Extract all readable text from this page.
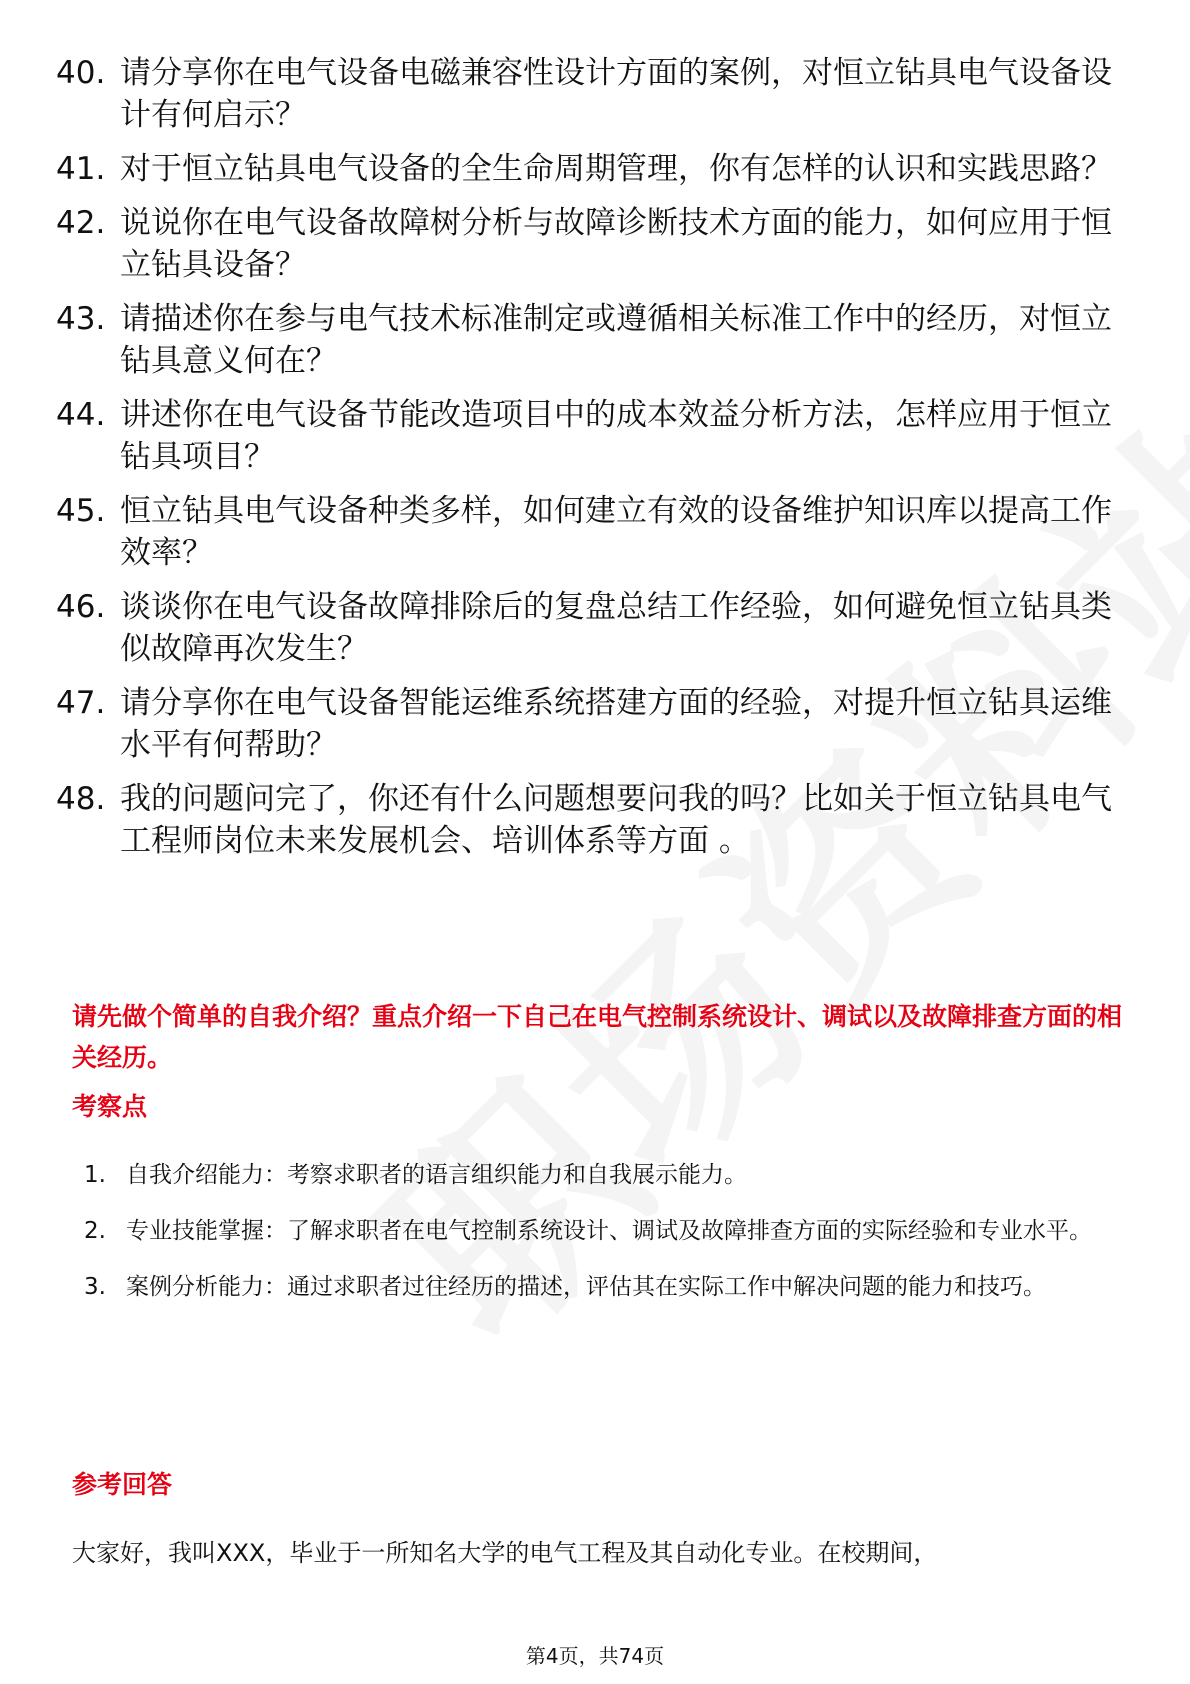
40. 请分享你在电气设备电磁兼容性设计方面的案例，对恒立钻具电气设备设计有何启示？
41. 对于恒立钻具电气设备的全生命周期管理，你有怎样的认识和实践思路？
42. 说说你在电气设备故障树分析与故障诊断技术方面的能力，如何应用于恒立钻具设备？
43. 请描述你在参与电气技术标准制定或遵循相关标准工作中的经历，对恒立钻具意义何在？
44. 讲述你在电气设备节能改造项目中的成本效益分析方法，怎样应用于恒立钻具项目？
45. 恒立钻具电气设备种类多样，如何建立有效的设备维护知识库以提高工作效率？
46. 谈谈你在电气设备故障排除后的复盘总结工作经验，如何避免恒立钻具类似故障再次发生？
47. 请分享你在电气设备智能运维系统搭建方面的经验，对提升恒立钻具运维水平有何帮助？
48. 我的问题问完了，你还有什么问题想要问我的吗？比如关于恒立钻具电气工程师岗位未来发展机会、培训体系等方面 。

请先做个简单的自我介绍？重点介绍一下自己在电气控制系统设计、调试以及故障排查方面的相关经历。

考察点
1. 自我介绍能力：考察求职者的语言组织能力和自我展示能力。
2. 专业技能掌握：了解求职者在电气控制系统设计、调试及故障排查方面的实际经验和专业水平。
3. 案例分析能力：通过求职者过往经历的描述，评估其在实际工作中解决问题的能力和技巧。
参考回答

大家好，我叫XXX，毕业于一所知名大学的电气工程及其自动化专业。在校期间，

第4页，共74页
